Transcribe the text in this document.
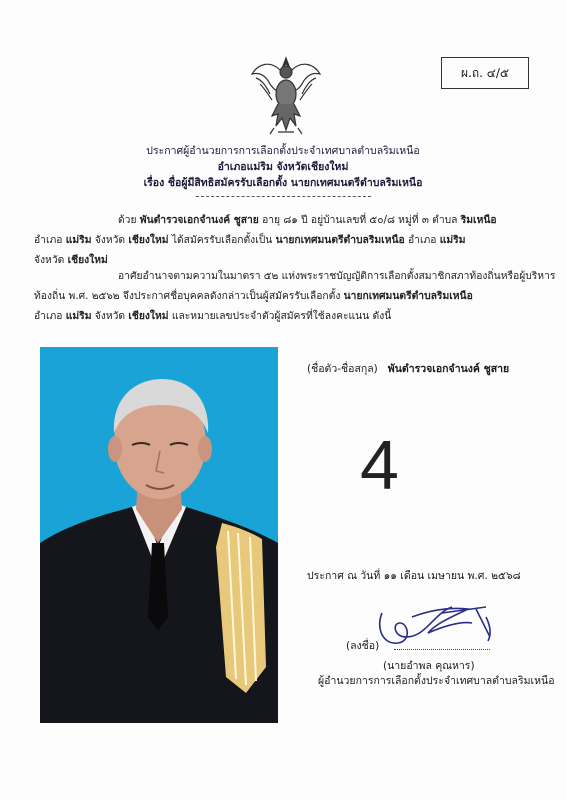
ผ.ถ. ๔/๕
ประกาศผู้อำนวยการการเลือกตั้งประจำเทศบาลตำบลริมเหนือ
อำเภอแม่ริม จังหวัดเชียงใหม่
เรื่อง ชื่อผู้มีสิทธิสมัครรับเลือกตั้ง นายกเทศมนตรีตำบลริมเหนือ
ด้วย พันตำรวจเอกจำนงค์ ชูสาย อายุ ๘๑ ปี อยู่บ้านเลขที่ ๕๐/๘ หมู่ที่ ๓ ตำบล ริมเหนือ
อำเภอ แม่ริม จังหวัด เชียงใหม่ ได้สมัครรับเลือกตั้งเป็น นายกเทศมนตรีตำบลริมเหนือ อำเภอ แม่ริม
จังหวัด เชียงใหม่
อาศัยอำนาจตามความในมาตรา ๕๒ แห่งพระราชบัญญัติการเลือกตั้งสมาชิกสภาท้องถิ่นหรือผู้บริหาร
ท้องถิ่น พ.ศ. ๒๕๖๒ จึงประกาศชื่อบุคคลดังกล่าวเป็นผู้สมัครรับเลือกตั้ง นายกเทศมนตรีตำบลริมเหนือ
อำเภอ แม่ริม จังหวัด เชียงใหม่ และหมายเลขประจำตัวผู้สมัครที่ใช้ลงคะแนน ดังนี้
(ชื่อตัว-ชื่อสกุล) พันตำรวจเอกจำนงค์ ชูสาย
4
ประกาศ ณ วันที่ ๑๑ เดือน เมษายน พ.ศ. ๒๕๖๘
(ลงชื่อ)
(นายอำพล คุณหาร)
ผู้อำนวยการการเลือกตั้งประจำเทศบาลตำบลริมเหนือ
